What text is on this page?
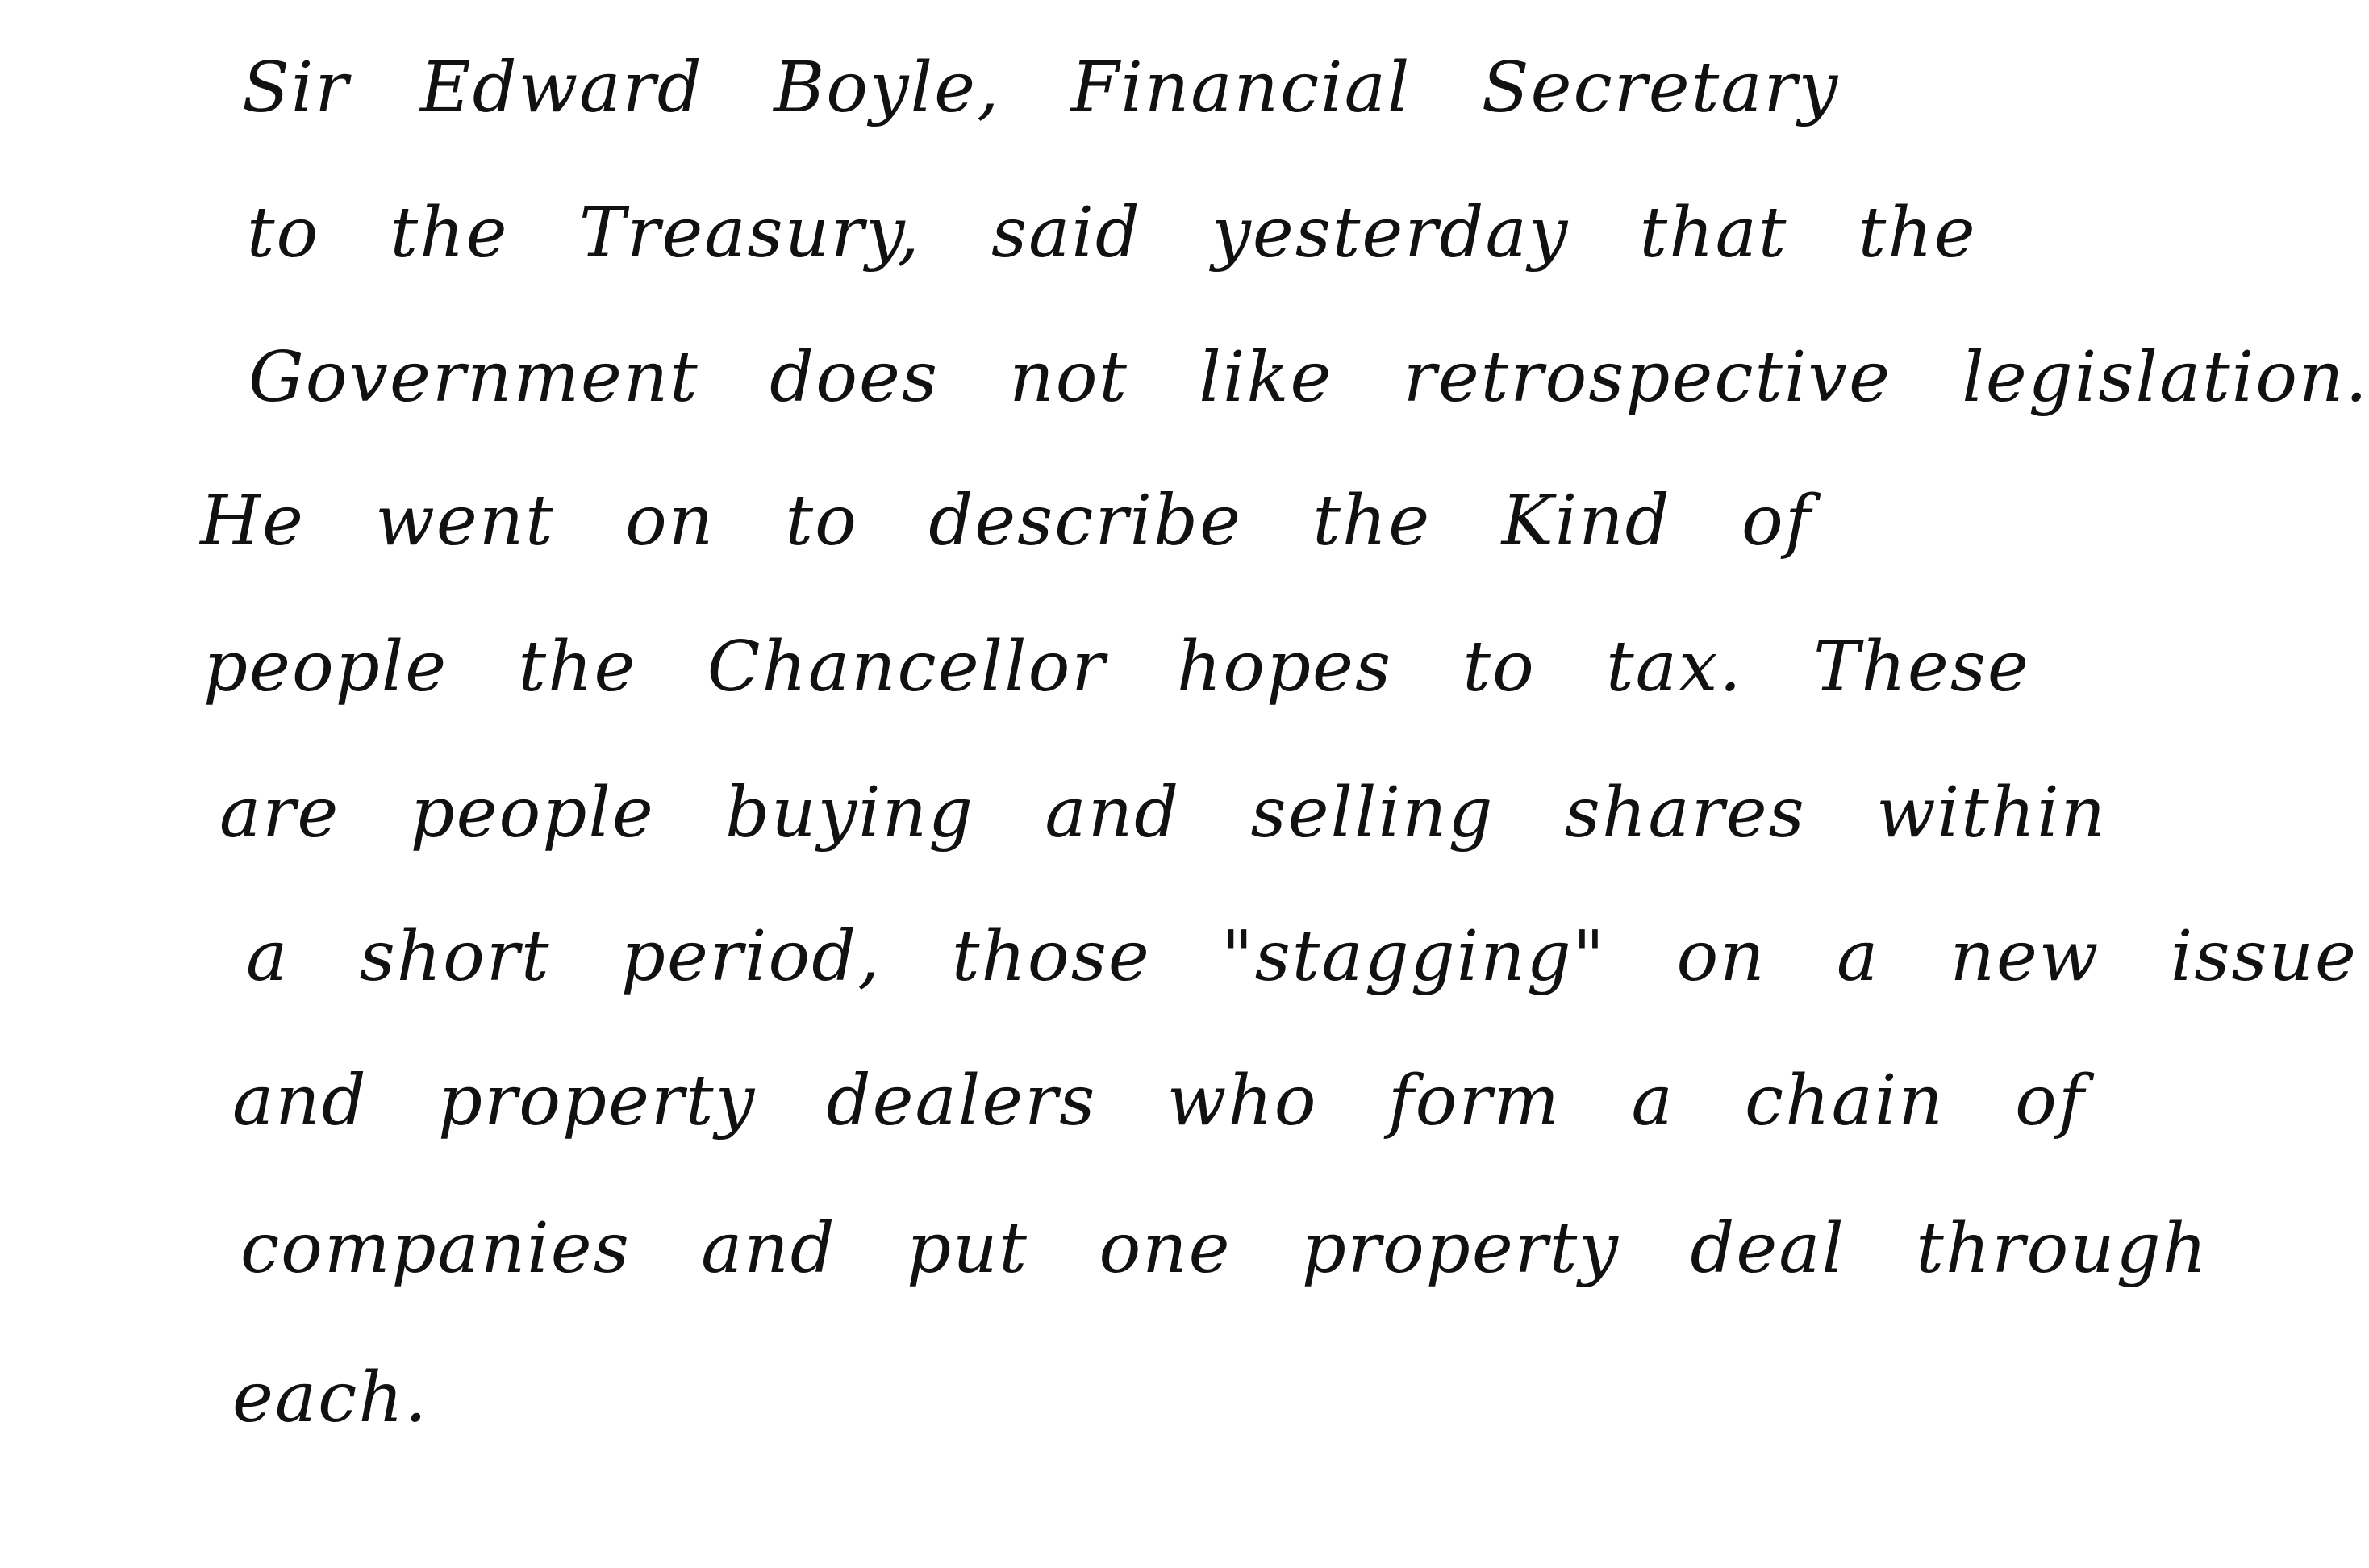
Sir Edward Boyle, Financial Secretary
to the Treasury, said yesterday that the
Government does not like retrospective legislation.
He went on to describe the Kind of
people the Chancellor hopes to tax. These
are people buying and selling shares within
a short period, those "stagging" on a new issue
and property dealers who form a chain of
companies and put one property deal through
each.
